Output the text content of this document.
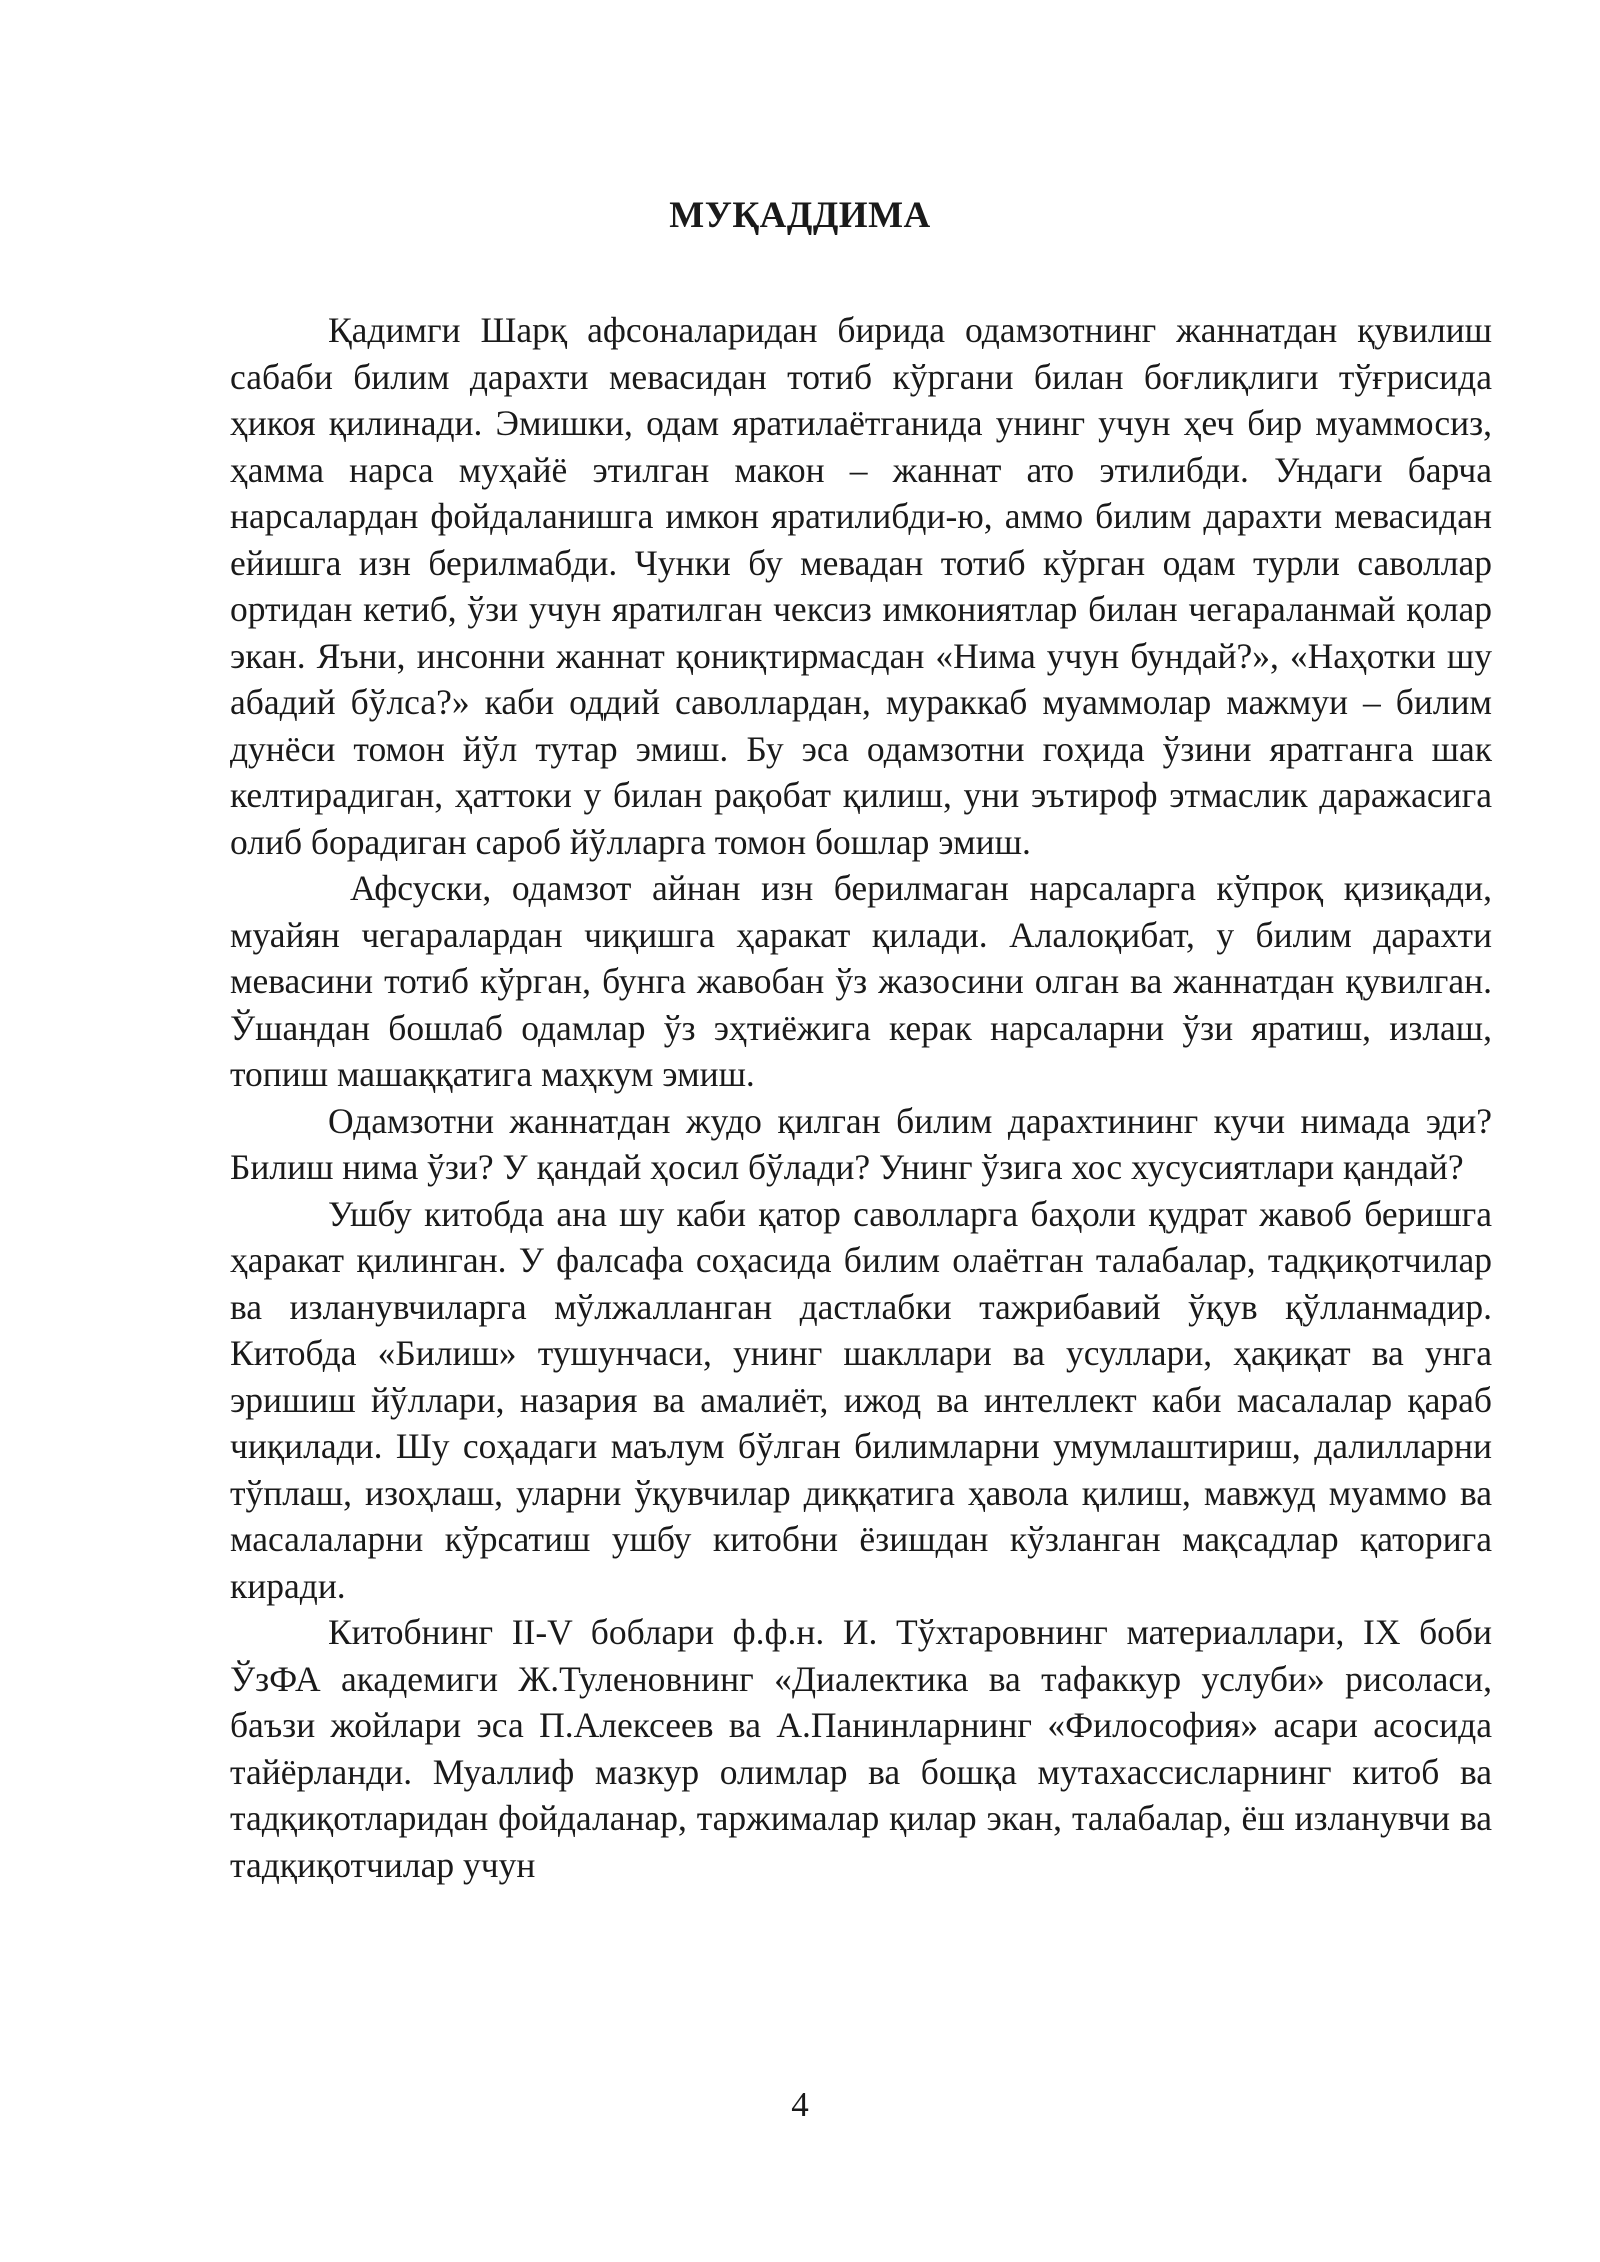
МУҚАДДИМА

Қадимги Шарқ афсоналаридан бирида одамзотнинг жаннатдан қувилиш сабаби билим дарахти мевасидан тотиб кўргани билан боғлиқлиги тўғрисида ҳикоя қилинади. Эмишки, одам яратилаётганида унинг учун ҳеч бир муаммосиз, ҳамма нарса муҳайё этилган макон – жаннат ато этилибди. Ундаги барча нарсалардан фойдаланишга имкон яратилибди-ю, аммо билим дарахти мевасидан ейишга изн берилмабди. Чунки бу мевадан тотиб кўрган одам турли саволлар ортидан кетиб, ўзи учун яратилган чексиз имкониятлар билан чегараланмай қолар экан. Яъни, инсонни жаннат қониқтирмасдан «Нима учун бундай?», «Наҳотки шу абадий бўлса?» каби оддий саволлардан, мураккаб муаммолар мажмуи – билим дунёси томон йўл тутар эмиш. Бу эса одамзотни гоҳида ўзини яратганга шак келтирадиган, ҳаттоки у билан рақобат қилиш, уни эътироф этмаслик даражасига олиб борадиган сароб йўлларга томон бошлар эмиш.

Афсуски, одамзот айнан изн берилмаган нарсаларга кўпроқ қизиқади, муайян чегаралардан чиқишга ҳаракат қилади. Алалоқибат, у билим дарахти мевасини тотиб кўрган, бунга жавобан ўз жазосини олган ва жаннатдан қувилган. Ўшандан бошлаб одамлар ўз эҳтиёжига керак нарсаларни ўзи яратиш, излаш, топиш машаққатига маҳкум эмиш.

Одамзотни жаннатдан жудо қилган билим дарахтининг кучи нимада эди? Билиш нима ўзи? У қандай ҳосил бўлади? Унинг ўзига хос хусусиятлари қандай?

Ушбу китобда ана шу каби қатор саволларга баҳоли қудрат жавоб беришга ҳаракат қилинган. У фалсафа соҳасида билим олаётган талабалар, тадқиқотчилар ва изланувчиларга мўлжалланган дастлабки тажрибавий ўқув қўлланмадир. Китобда «Билиш» тушунчаси, унинг шакллари ва усуллари, ҳақиқат ва унга эришиш йўллари, назария ва амалиёт, ижод ва интеллект каби масалалар қараб чиқилади. Шу соҳадаги маълум бўлган билимларни умумлаштириш, далилларни тўплаш, изоҳлаш, уларни ўқувчилар диққатига ҳавола қилиш, мавжуд муаммо ва масалаларни кўрсатиш ушбу китобни ёзишдан кўзланган мақсадлар қаторига киради.

Китобнинг II-V боблари ф.ф.н. И. Тўхтаровнинг материаллари, IX боби ЎзФА академиги Ж.Туленовнинг «Диалектика ва тафаккур услуби» рисоласи, баъзи жойлари эса П.Алексеев ва А.Панинларнинг «Философия» асари асосида тайёрланди. Муаллиф мазкур олимлар ва бошқа мутахассисларнинг китоб ва тадқиқотларидан фойдаланар, таржималар қилар экан, талабалар, ёш изланувчи ва тадқиқотчилар учун

4
